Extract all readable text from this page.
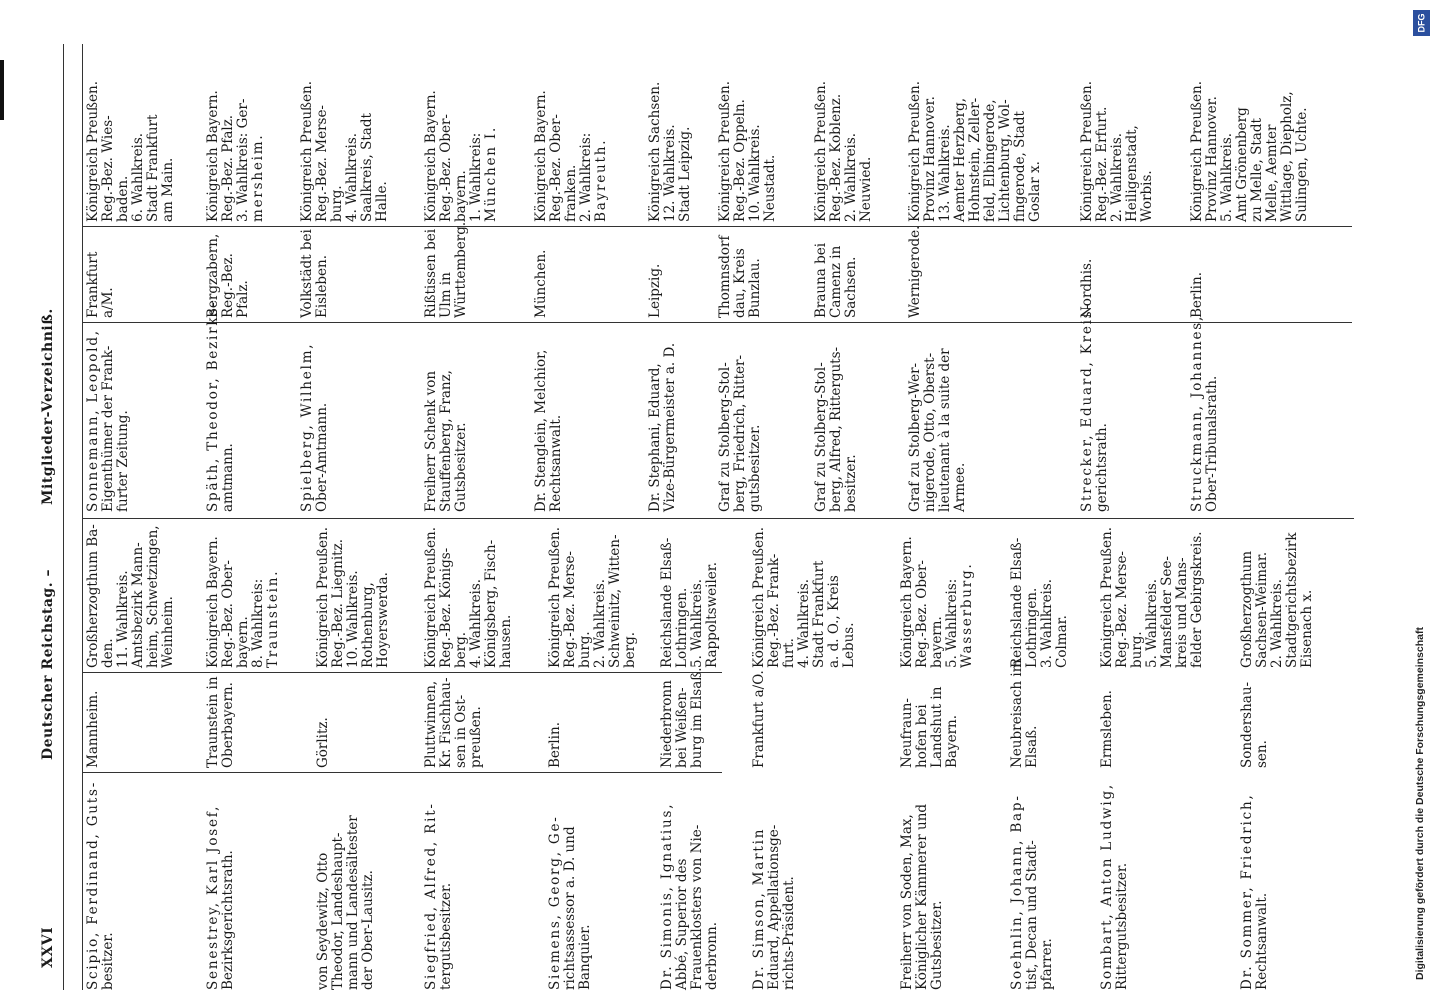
XXVI
Deutscher Reichstag. –
Mitglieder-Verzeichniß.
Scipio, Ferdinand, Guts- besitzer.
Mannheim.
Großherzogthum Ba- den. 11. Wahlkreis. Amtsbezirk Mann- heim, Schwetzingen, Weinheim.
Senestrey, Karl Josef, Bezirksgerichtsrath.
Traunstein in Oberbayern.
Königreich Bayern. Reg.-Bez. Ober- bayern. 8. Wahlkreis: Traunstein.
von Seydewitz, Otto Theodor, Landeshaupt- mann und Landesältester der Ober-Lausitz.
Görlitz.
Königreich Preußen. Reg.-Bez. Liegnitz. 10. Wahlkreis. Rothenburg, Hoyerswerda.
Siegfried, Alfred, Rit- tergutsbesitzer.
Pluttwinnen, Kr. Fischhau- sen in Ost- preußen.
Königreich Preußen. Reg.-Bez. Königs- berg. 4. Wahlkreis. Königsberg, Fisch- hausen.
Siemens, Georg, Ge- richtsassessor a. D. und Banquier.
Berlin.
Königreich Preußen. Reg.-Bez. Merse- burg. 2. Wahlkreis. Schweinitz, Witten- berg.
Dr. Simonis, Ignatius, Abbé, Superior des Frauenklosters von Nie- derbronn.
Niederbronn bei Weißen- burg im Elsaß.
Reichslande Elsaß- Lothringen. 5. Wahlkreis. Rappoltsweiler.
Dr. Simson, Martin Eduard, Appellationsge- richts-Präsident.
Frankfurt a/O.
Königreich Preußen. Reg.-Bez. Frank- furt. 4. Wahlkreis. Stadt Frankfurt a. d. O., Kreis Lebus.
Freiherr von Soden, Max, Königlicher Kämmerer und Gutsbesitzer.
Neufraun- hofen bei Landshut in Bayern.
Königreich Bayern. Reg.-Bez. Ober- bayern. 5. Wahlkreis: Wasserburg.
Soehnlin, Johann, Bap- tist, Decan und Stadt- pfarrer.
Neubreisach im Elsaß.
Reichslande Elsaß- Lothringen. 3. Wahlkreis. Colmar.
Sombart, Anton Ludwig, Rittergutsbesitzer.
Ermsleben.
Königreich Preußen. Reg.-Bez. Merse- burg. 5. Wahlkreis. Mansfelder See- kreis und Mans- felder Gebirgskreis.
Dr. Sommer, Friedrich, Rechtsanwalt.
Sondershau- sen.
Großherzogthum Sachsen-Weimar. 2. Wahlkreis. Stadtgerichtsbezirk Eisenach x.
Sonnemann, Leopold, Eigenthümer der Frank- furter Zeitung.
Frankfurt a/M.
Königreich Preußen. Reg.-Bez. Wies- baden. 6. Wahlkreis. Stadt Frankfurt am Main.
Späth, Theodor, Bezirks- amtmann.
Bergzabern, Reg.-Bez. Pfalz.
Königreich Bayern. Reg.-Bez. Pfalz. 3. Wahlkreis: Ger- mersheim.
Spielberg, Wilhelm, Ober-Amtmann.
Volkstädt bei Eisleben.
Königreich Preußen. Reg.-Bez. Merse- burg. 4. Wahlkreis. Saalkreis, Stadt Halle.
Freiherr Schenk von Stauffenberg, Franz, Gutsbesitzer.
Rißtissen bei Ulm in Württemberg.
Königreich Bayern. Reg.-Bez. Ober- bayern. 1. Wahlkreis: München I.
Dr. Stenglein, Melchior, Rechtsanwalt.
München.
Königreich Bayern. Reg.-Bez. Ober- franken. 2. Wahlkreis: Bayreuth.
Dr. Stephani, Eduard, Vize-Bürgermeister a. D.
Leipzig.
Königreich Sachsen. 12. Wahlkreis. Stadt Leipzig.
Graf zu Stolberg-Stol- berg, Friedrich, Ritter- gutsbesitzer.
Thomnsdorf dau, Kreis Bunzlau.
Königreich Preußen. Reg.-Bez. Oppeln. 10. Wahlkreis. Neustadt.
Graf zu Stolberg-Stol- berg, Alfred, Ritterguts- besitzer.
Brauna bei Camenz in Sachsen.
Königreich Preußen. Reg.-Bez. Koblenz. 2. Wahlkreis. Neuwied.
Graf zu Stolberg-Wer- nigerode, Otto, Oberst- lieutenant à la suite der Armee.
Wernigerode.
Königreich Preußen. Provinz Hannover. 13. Wahlkreis. Aemter Herzberg, Hohnstein, Zeller- feld, Elbingerode, Lichtenburg, Wol- fingerode, Stadt Goslar x.
Strecker, Eduard, Kreis- gerichtsrath.
Nordhis.
Königreich Preußen. Reg.-Bez. Erfurt. 2. Wahlkreis. Heiligenstadt, Worbis.
Struckmann, Johannes, Ober-Tribunalsrath.
Berlin.
Königreich Preußen. Provinz Hannover. 5. Wahlkreis. Amt Grönenberg zu Melle, Stadt Melle, Aemter Wittlage, Diepholz, Sulingen, Uchte.
Digitalisierung gefördert durch die Deutsche Forschungsgemeinschaft
DFG
